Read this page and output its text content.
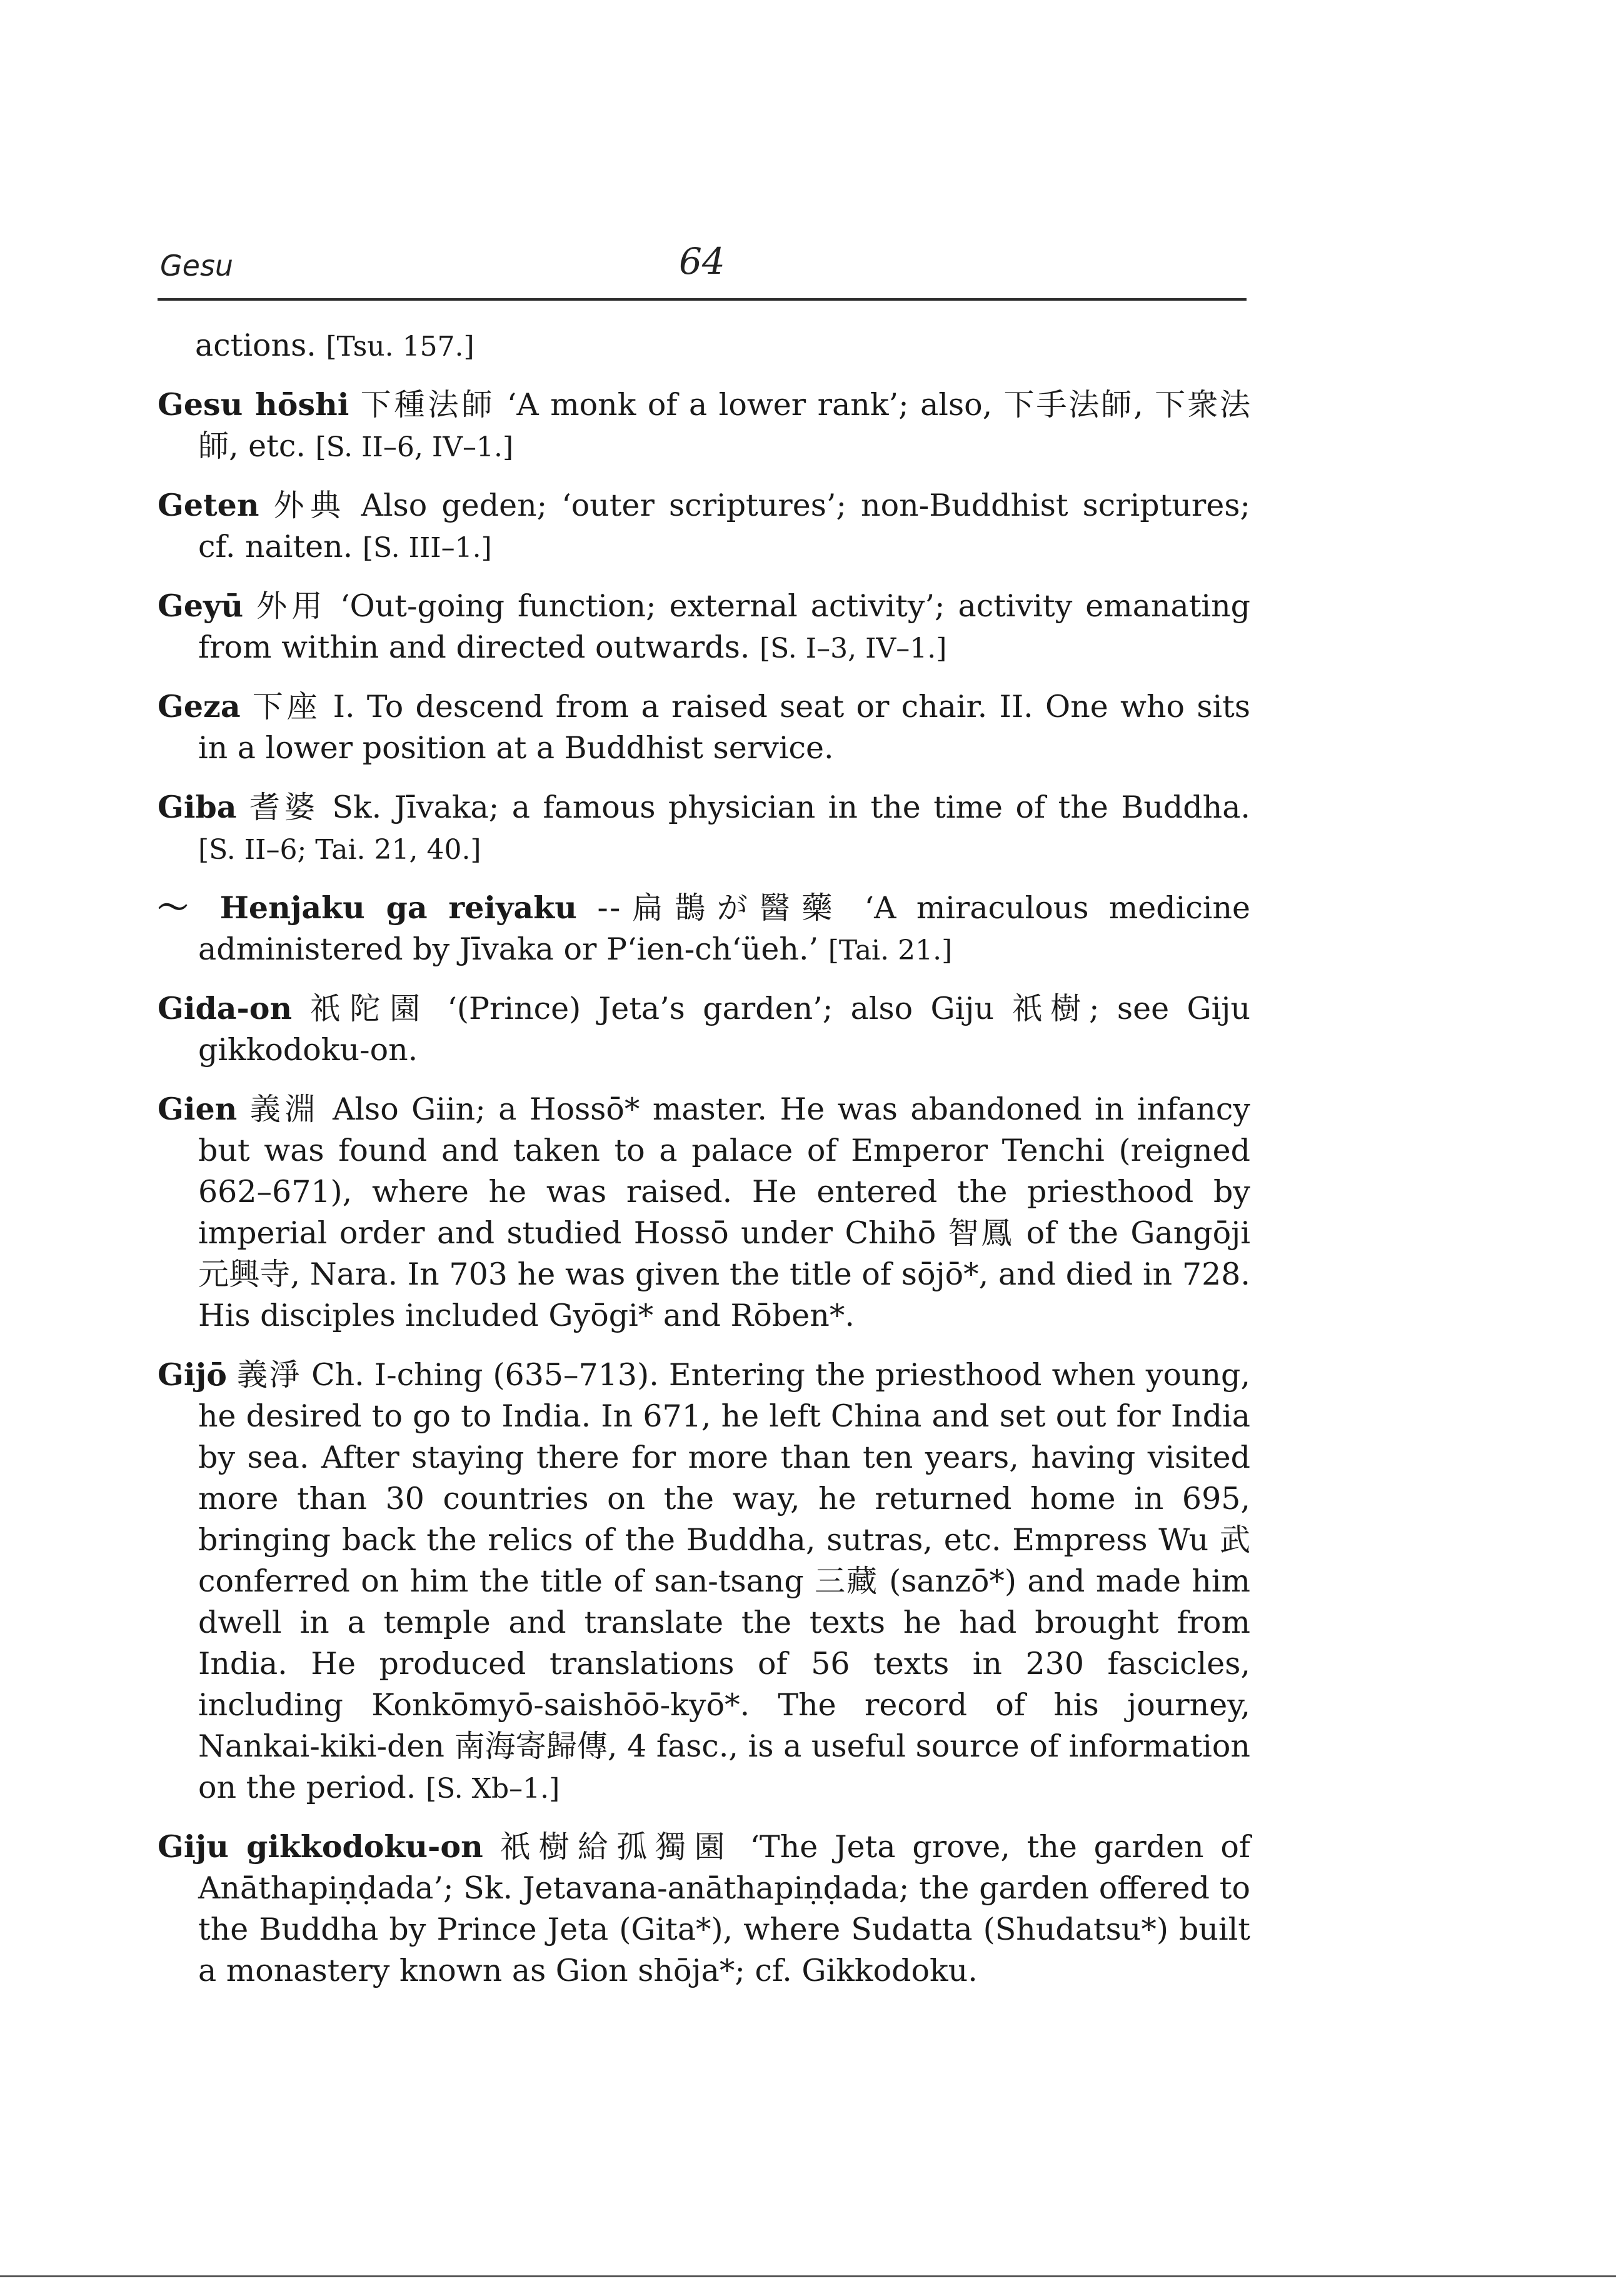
Gesu	64

actions. [Tsu. 157.]

Gesu hōshi 下種法師 ‘A monk of a lower rank’; also, 下手法師, 下衆法師, etc. [S. II–6, IV–1.]

Geten 外典 Also geden; ‘outer scriptures’; non-Buddhist scriptures; cf. naiten. [S. III–1.]

Geyū 外用 ‘Out-going function; external activity’; activity emanating from within and directed outwards. [S. I–3, IV–1.]

Geza 下座 I. To descend from a raised seat or chair. II. One who sits in a lower position at a Buddhist service.

Giba 耆婆 Sk. Jīvaka; a famous physician in the time of the Buddha. [S. II–6; Tai. 21, 40.]

～ Henjaku ga reiyaku --扁鵲が醫藥 ‘A miraculous medicine administered by Jīvaka or P‘ien-ch‘üeh.’ [Tai. 21.]

Gida-on 祇陀園 ‘(Prince) Jeta’s garden’; also Giju 祇樹; see Giju gikkodoku-on.

Gien 義淵 Also Giin; a Hossō* master. He was abandoned in infancy but was found and taken to a palace of Emperor Tenchi (reigned 662–671), where he was raised. He entered the priesthood by imperial order and studied Hossō under Chihō 智鳳 of the Gangōji 元興寺, Nara. In 703 he was given the title of sōjō*, and died in 728. His disciples included Gyōgi* and Rōben*.

Gijō 義淨 Ch. I-ching (635–713). Entering the priesthood when young, he desired to go to India. In 671, he left China and set out for India by sea. After staying there for more than ten years, having visited more than 30 countries on the way, he returned home in 695, bringing back the relics of the Buddha, sutras, etc. Empress Wu 武 conferred on him the title of san-tsang 三藏 (sanzō*) and made him dwell in a temple and translate the texts he had brought from India. He produced translations of 56 texts in 230 fascicles, including Konkōmyō-saishōō-kyō*. The record of his journey, Nankai-kiki-den 南海寄歸傳, 4 fasc., is a useful source of information on the period. [S. Xb–1.]

Giju gikkodoku-on 祇樹給孤獨園 ‘The Jeta grove, the garden of Anāthapiṇḍada’; Sk. Jetavana-anāthapiṇḍada; the garden offered to the Buddha by Prince Jeta (Gita*), where Sudatta (Shudatsu*) built a monastery known as Gion shōja*; cf. Gikkodoku.
